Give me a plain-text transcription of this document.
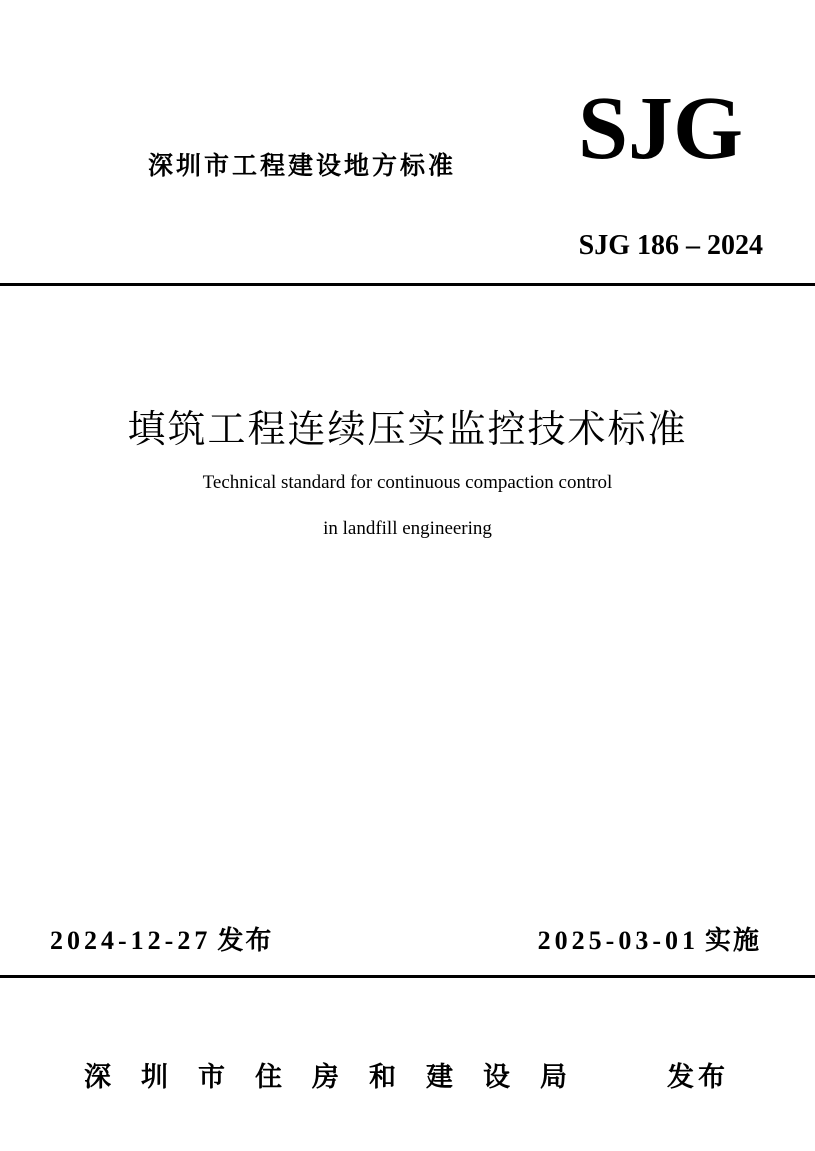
深圳市工程建设地方标准 SJG
SJG 186 – 2024
填筑工程连续压实监控技术标准
Technical standard for continuous compaction control
in landfill engineering
2024-12-27 发布	2025-03-01 实施
深圳市住房和建设局	发布
